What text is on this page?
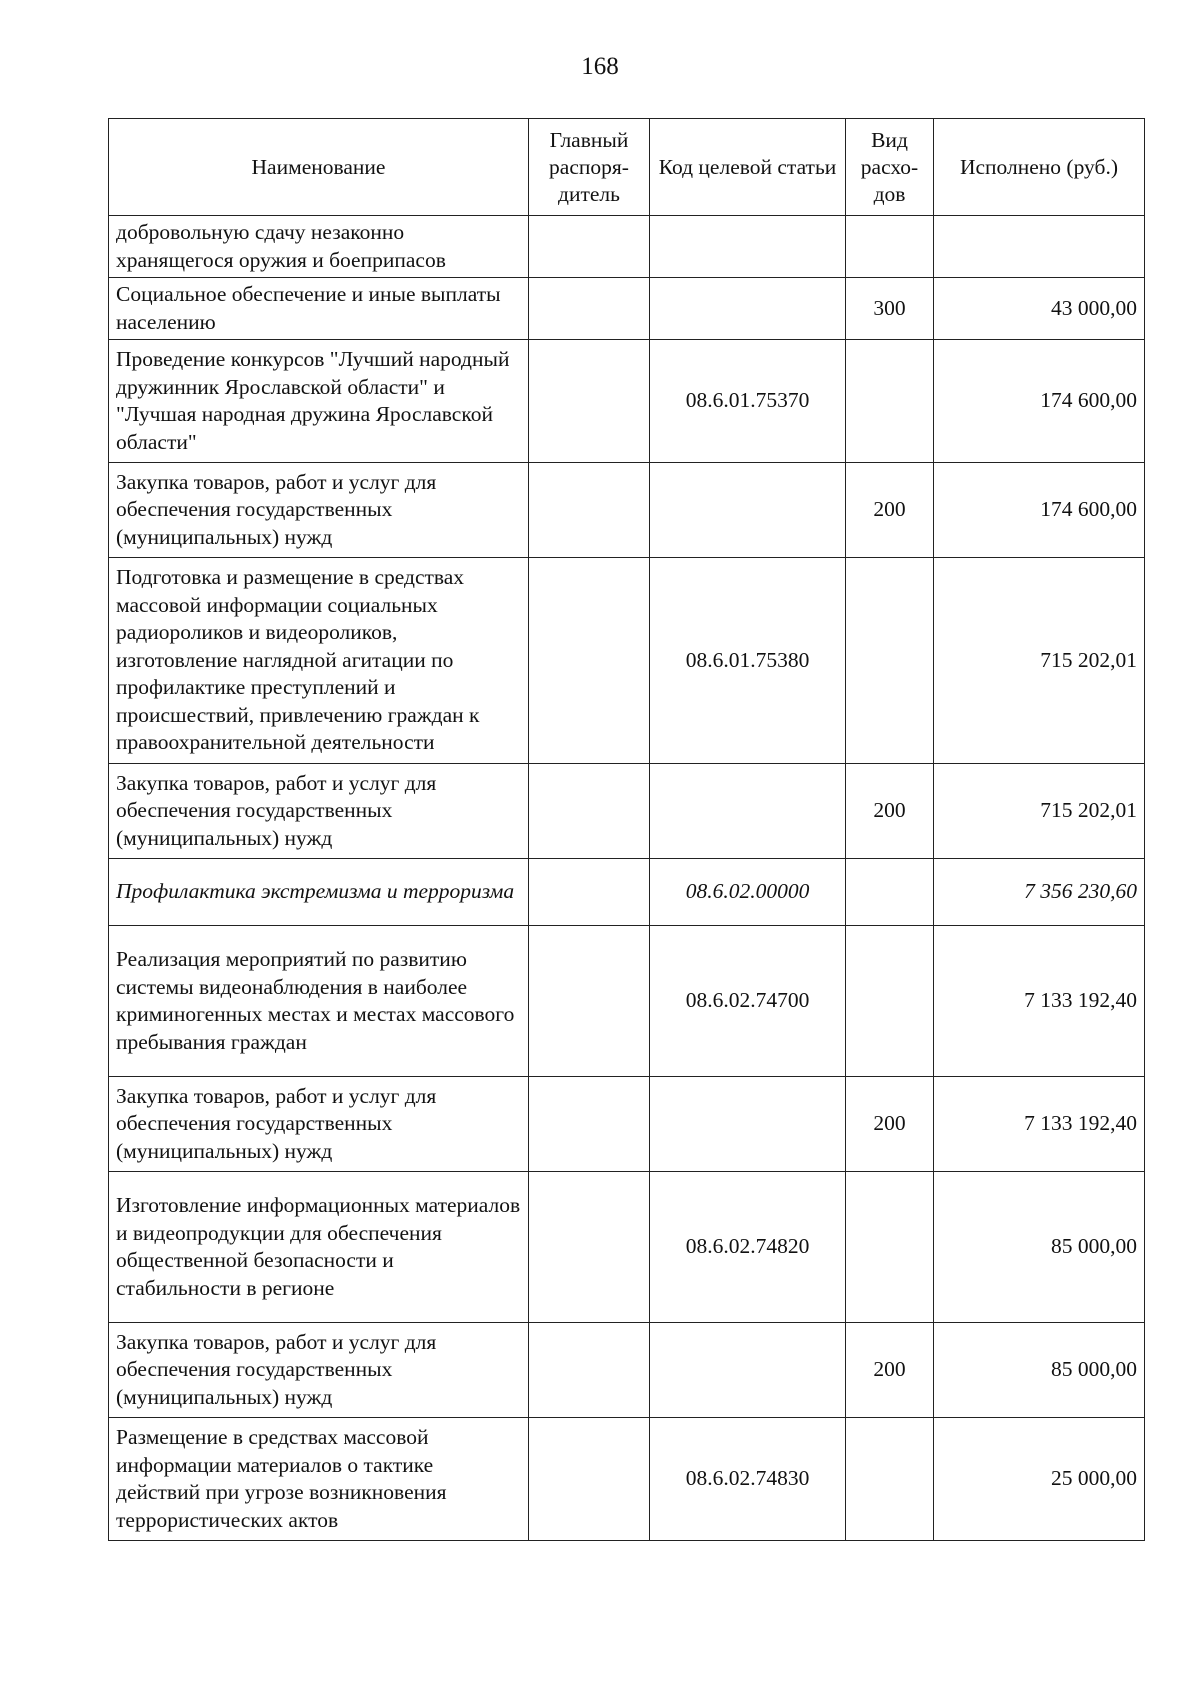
168
Наименование	Главный распоря-дитель	Код целевой статьи	Вид расхо-дов	Исполнено (руб.)
добровольную сдачу незаконно хранящегося оружия и боеприпасов				
Социальное обеспечение и иные выплаты населению			300	43 000,00
Проведение конкурсов "Лучший народный дружинник Ярославской области" и "Лучшая народная дружина Ярославской области"		08.6.01.75370		174 600,00
Закупка товаров, работ и услуг для обеспечения государственных (муниципальных) нужд			200	174 600,00
Подготовка и размещение в средствах массовой информации социальных радиороликов и видеороликов, изготовление наглядной агитации по профилактике преступлений и происшествий, привлечению граждан к правоохранительной деятельности		08.6.01.75380		715 202,01
Закупка товаров, работ и услуг для обеспечения государственных (муниципальных) нужд			200	715 202,01
Профилактика экстремизма и терроризма		08.6.02.00000		7 356 230,60
Реализация мероприятий по развитию системы видеонаблюдения в наиболее криминогенных местах и местах массового пребывания граждан		08.6.02.74700		7 133 192,40
Закупка товаров, работ и услуг для обеспечения государственных (муниципальных) нужд			200	7 133 192,40
Изготовление информационных материалов и видеопродукции для обеспечения общественной безопасности и стабильности в регионе		08.6.02.74820		85 000,00
Закупка товаров, работ и услуг для обеспечения государственных (муниципальных) нужд			200	85 000,00
Размещение в средствах массовой информации материалов о тактике действий при угрозе возникновения террористических актов		08.6.02.74830		25 000,00
